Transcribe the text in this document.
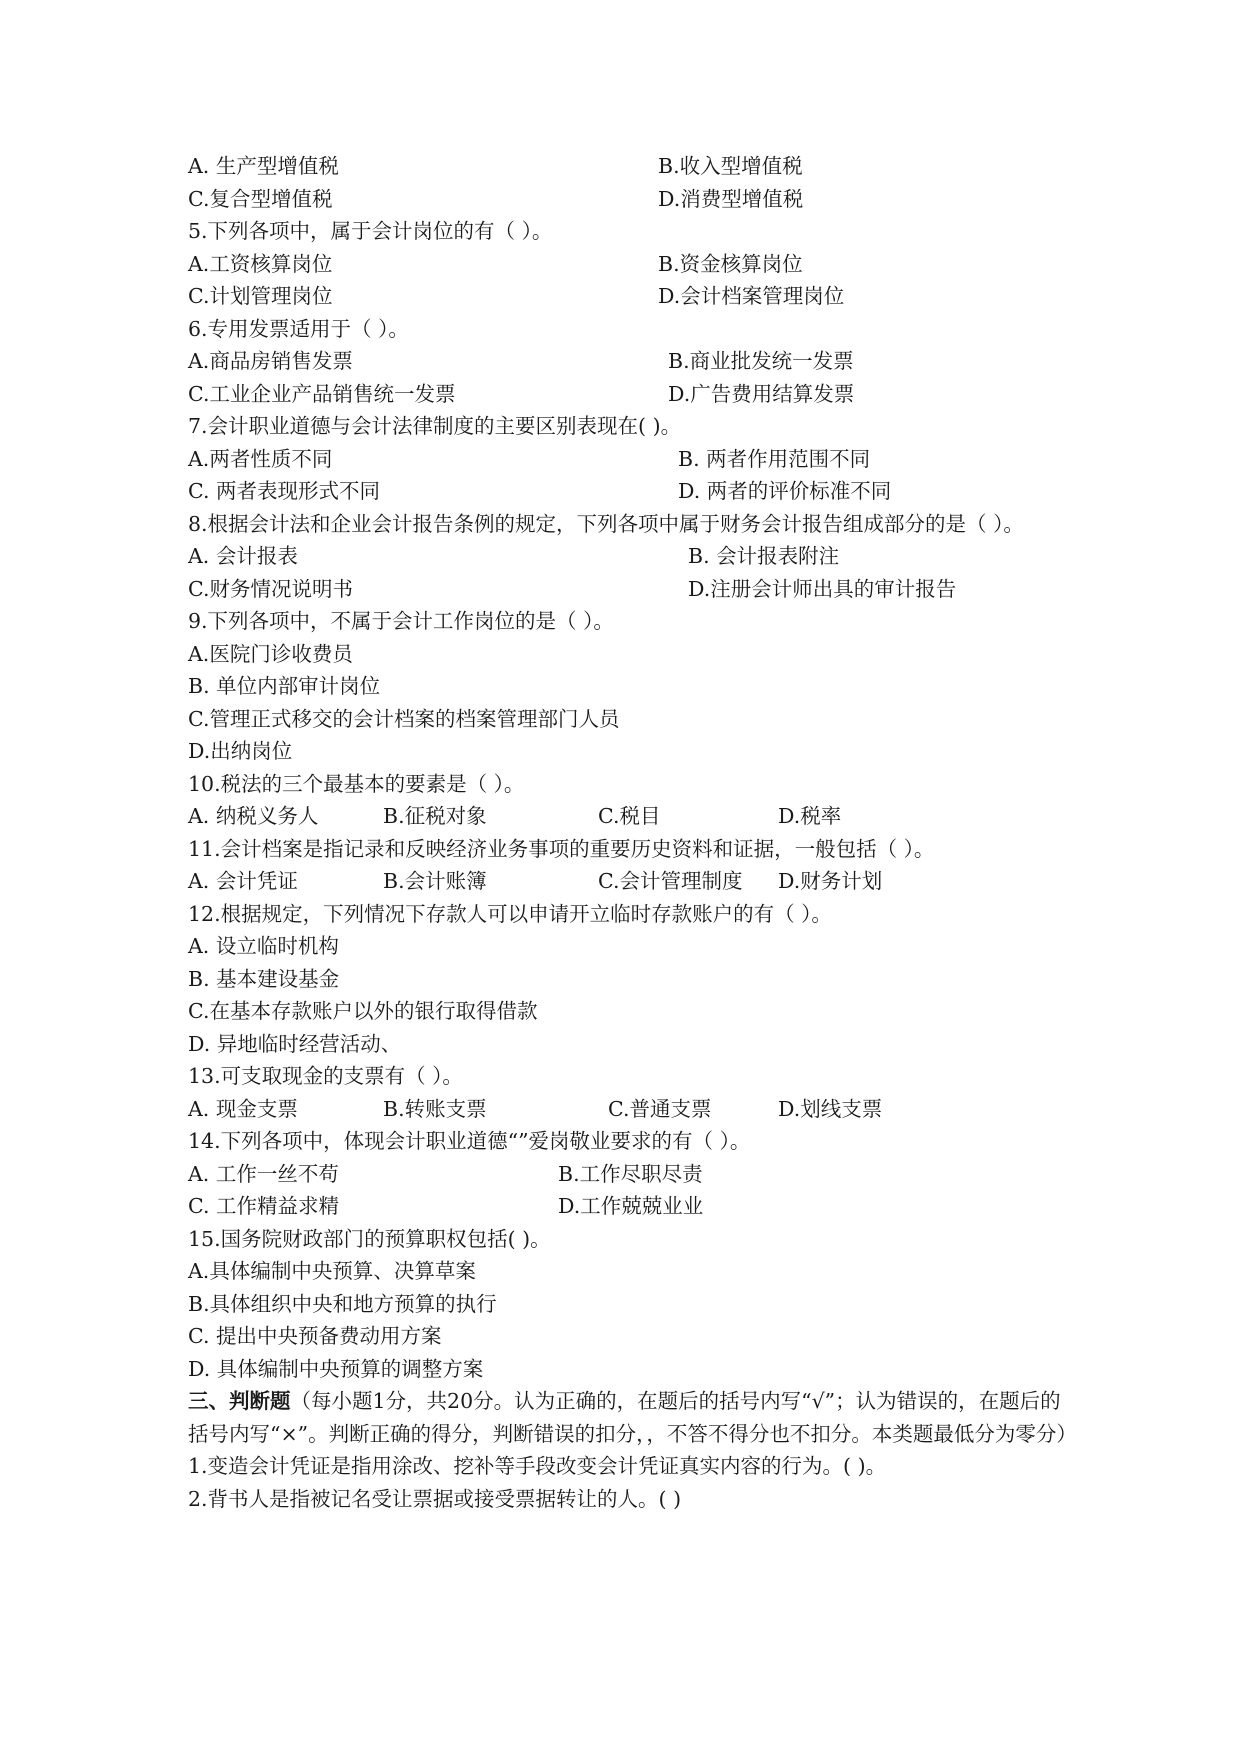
A. 生产型增值税	B.收入型增值税
C.复合型增值税	D.消费型增值税
5.下列各项中，属于会计岗位的有（ ）。
A.工资核算岗位	B.资金核算岗位
C.计划管理岗位	D.会计档案管理岗位
6.专用发票适用于（ ）。
A.商品房销售发票	B.商业批发统一发票
C.工业企业产品销售统一发票	D.广告费用结算发票
7.会计职业道德与会计法律制度的主要区别表现在( )。
A.两者性质不同	B. 两者作用范围不同
C. 两者表现形式不同	D. 两者的评价标准不同
8.根据会计法和企业会计报告条例的规定，下列各项中属于财务会计报告组成部分的是（ ）。
A. 会计报表	B. 会计报表附注
C.财务情况说明书	D.注册会计师出具的审计报告
9.下列各项中，不属于会计工作岗位的是（ ）。
A.医院门诊收费员
B. 单位内部审计岗位
C.管理正式移交的会计档案的档案管理部门人员
D.出纳岗位
10.税法的三个最基本的要素是（ ）。
A. 纳税义务人	B.征税对象	C.税目	D.税率
11.会计档案是指记录和反映经济业务事项的重要历史资料和证据，一般包括（ ）。
A. 会计凭证	B.会计账簿	C.会计管理制度 D.财务计划
12.根据规定，下列情况下存款人可以申请开立临时存款账户的有（ ）。
A. 设立临时机构
B. 基本建设基金
C.在基本存款账户以外的银行取得借款
D. 异地临时经营活动、
13.可支取现金的支票有（ ）。
A. 现金支票	B.转账支票	C.普通支票	D.划线支票
14.下列各项中，体现会计职业道德“”爱岗敬业要求的有（ ）。
A. 工作一丝不苟	B.工作尽职尽责
C. 工作精益求精	D.工作兢兢业业
15.国务院财政部门的预算职权包括( )。
A.具体编制中央预算、决算草案
B.具体组织中央和地方预算的执行
C. 提出中央预备费动用方案
D. 具体编制中央预算的调整方案
三、判断题（每小题1分，共20分。认为正确的，在题后的括号内写“√”；认为错误的，在题后的括号内写“×”。判断正确的得分，判断错误的扣分，，不答不得分也不扣分。本类题最低分为零分）
1.变造会计凭证是指用涂改、挖补等手段改变会计凭证真实内容的行为。( )。
2.背书人是指被记名受让票据或接受票据转让的人。( )
